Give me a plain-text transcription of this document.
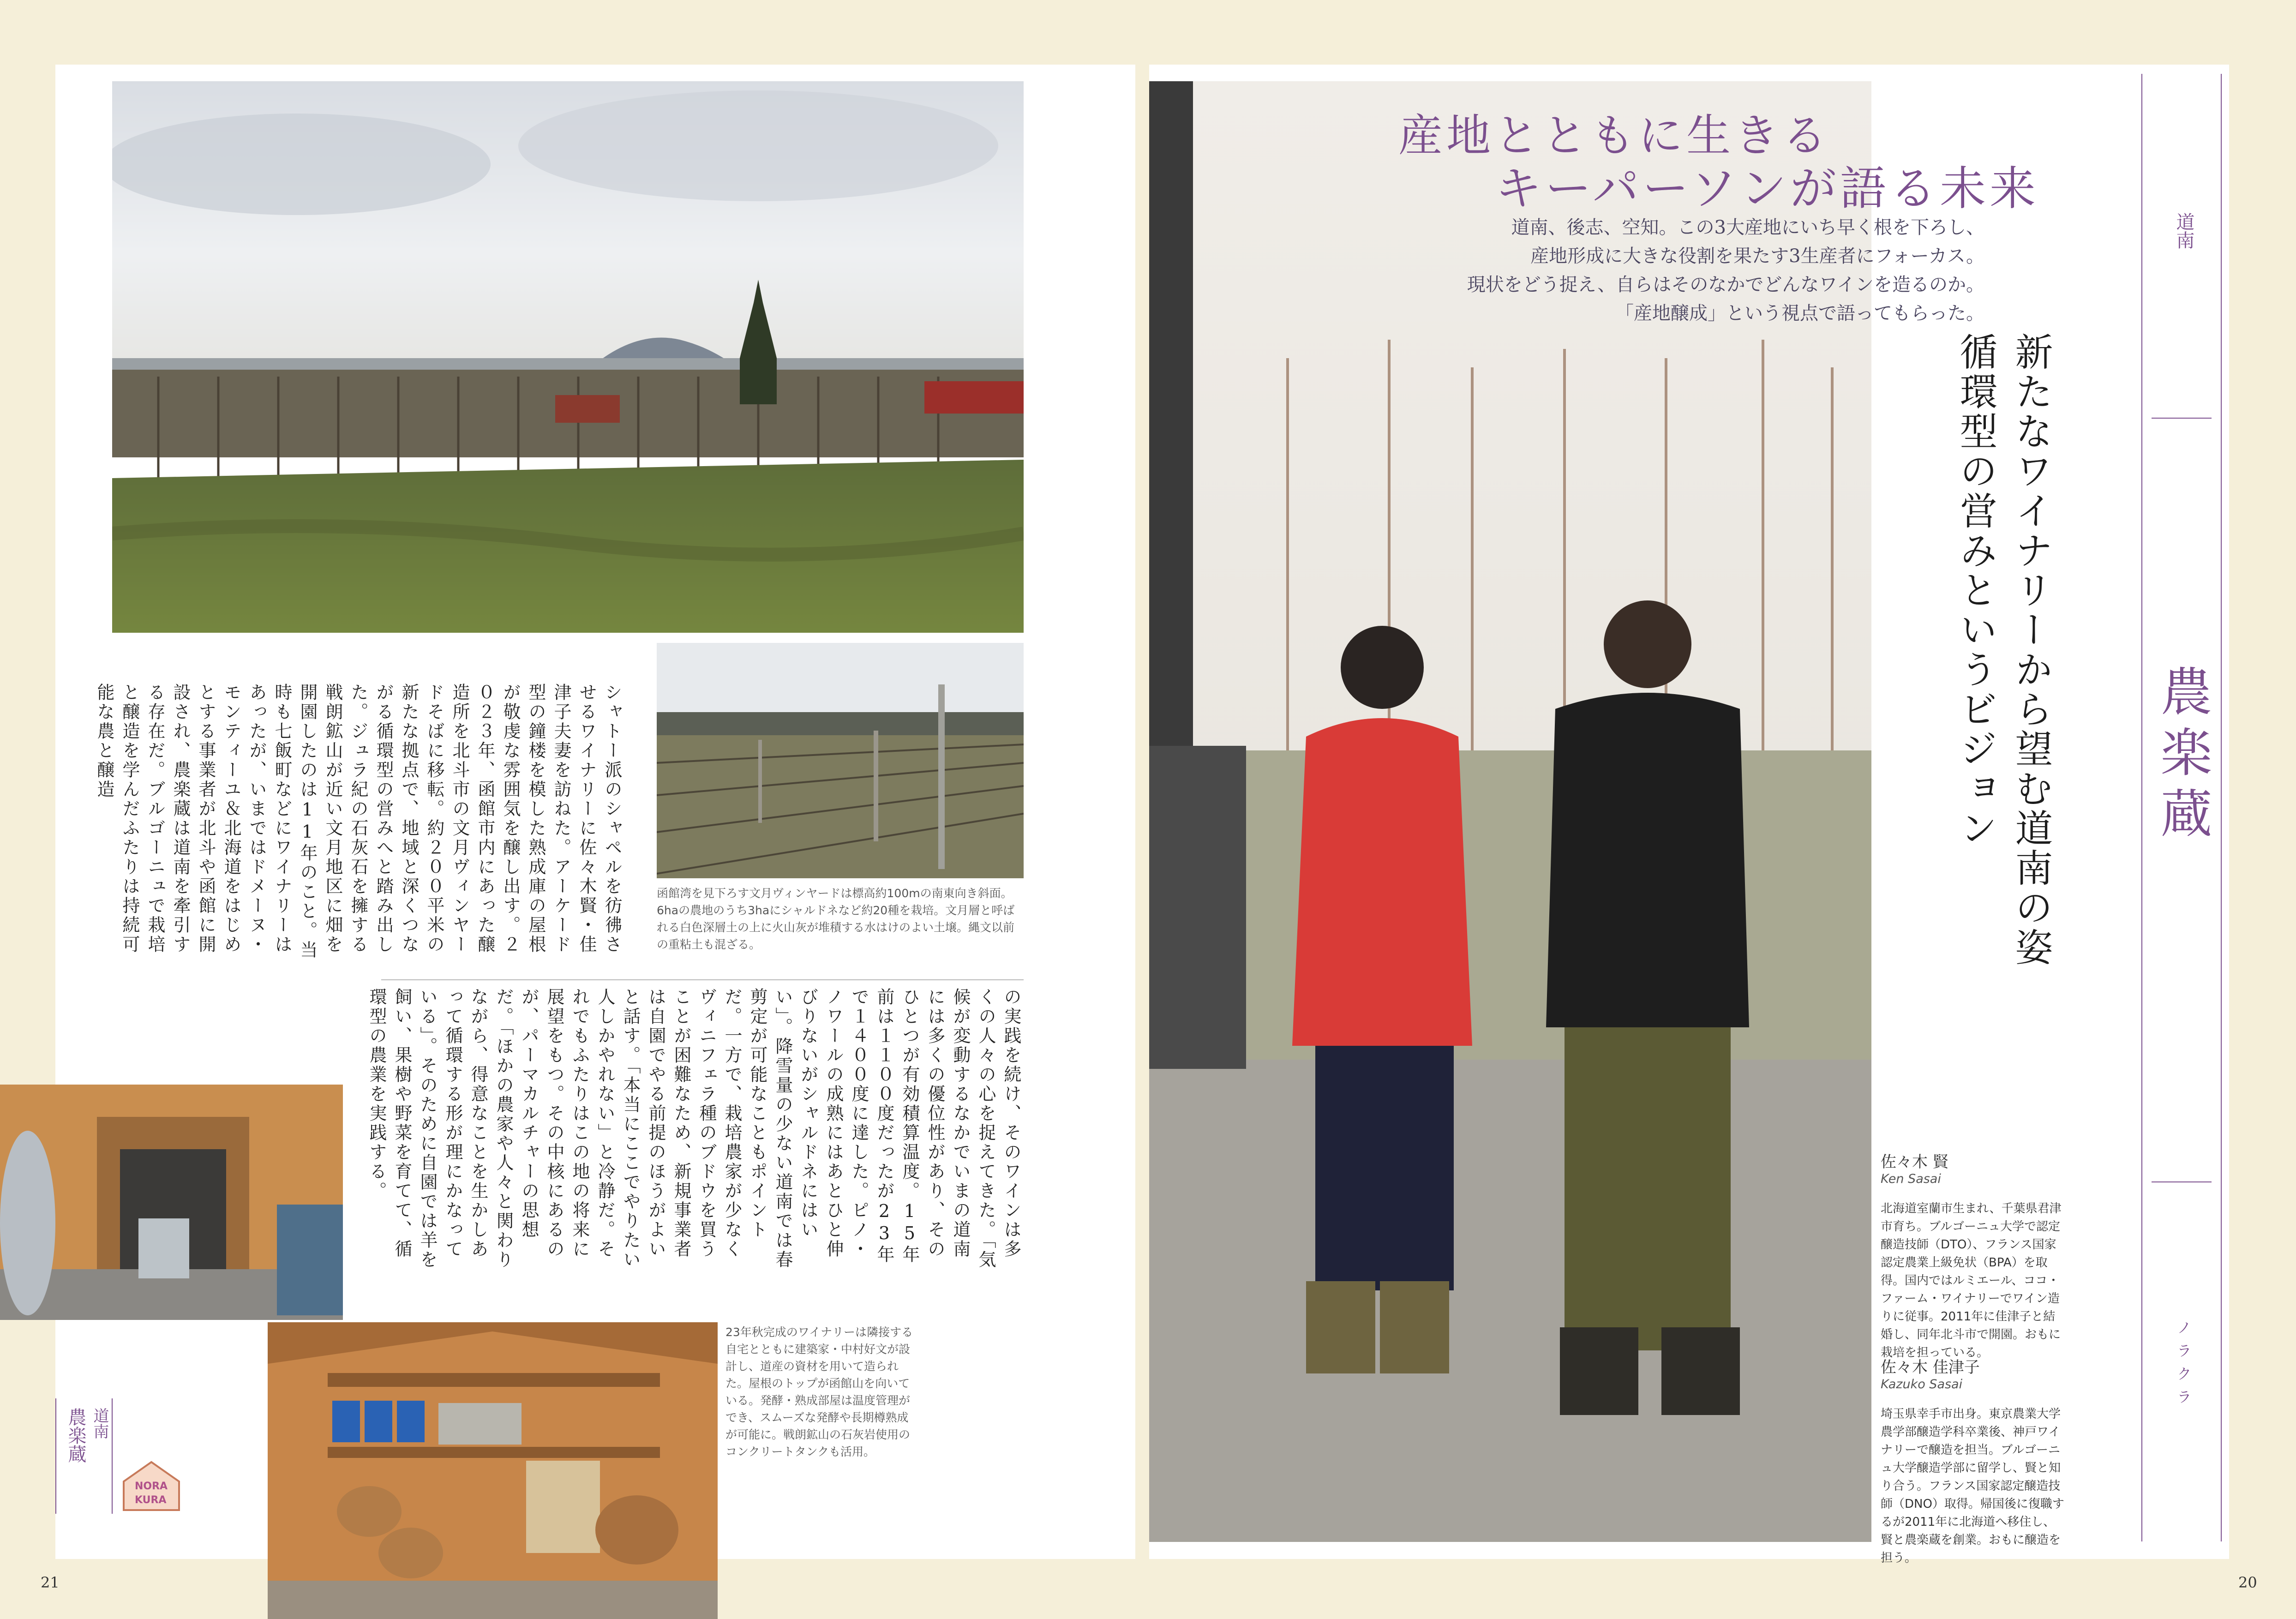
函館湾を見下ろす文月ヴィンヤードは標高約100mの南東向き斜面。6haの農地のうち3haにシャルドネなど約20種を栽培。文月層と呼ばれる白色深層土の上に火山灰が堆積する水はけのよい土壌。縄文以前の重粘土も混ざる。
シャトー派のシャペルを彷彿させるワイナリーに佐々木賢・佳津子夫妻を訪ねた。アーケード型の鐘楼を模した熟成庫の屋根が敬虔な雰囲気を醸し出す。２０２３年、函館市内にあった醸造所を北斗市の文月ヴィンヤードそばに移転。約２００平米の新たな拠点で、地域と深くつながる循環型の営みへと踏み出した。ジュラ紀の石灰石を擁する戦朗鉱山が近い文月地区に畑を開園したのは11年のこと。当時も七飯町などにワイナリーはあったが、いまではドメーヌ・モンティーユ＆北海道をはじめとする事業者が北斗や函館に開設され、農楽蔵は道南を牽引する存在だ。ブルゴーニュで栽培と醸造を学んだふたりは持続可能な農と醸造
の実践を続け、そのワインは多くの人々の心を捉えてきた。「気候が変動するなかでいまの道南には多くの優位性があり、そのひとつが有効積算温度。15年前は１１００度だったが23年で１４００度に達した。ピノ・ノワールの成熟にはあとひと伸びりないがシャルドネにはいい」。降雪量の少ない道南では春剪定が可能なこともポイントだ。一方で、栽培農家が少なくヴィニフェラ種のブドウを買うことが困難なため、新規事業者は自園でやる前提のほうがよいと話す。「本当にここでやりたい人しかやれない」と冷静だ。それでもふたりはこの地の将来に展望をもつ。その中核にあるのが、パーマカルチャーの思想だ。「ほかの農家や人々と関わりながら、得意なことを生かしあって循環する形が理にかなっている」。そのために自園では羊を飼い、果樹や野菜を育てて、循環型の農業を実践する。
23年秋完成のワイナリーは隣接する自宅とともに建築家・中村好文が設計し、道産の資材を用いて造られた。屋根のトップが函館山を向いている。発酵・熟成部屋は温度管理ができ、スムーズな発酵や長期樽熟成が可能に。戦朗鉱山の石灰岩使用のコンクリートタンクも活用。
道南
農楽蔵
NORA
KURA
21	20
産地とともに生きる
キーパーソンが語る未来
道南、後志、空知。この3大産地にいち早く根を下ろし、
産地形成に大きな役割を果たす3生産者にフォーカス。
現状をどう捉え、自らはそのなかでどんなワインを造るのか。
「産地醸成」という視点で語ってもらった。
新たなワイナリーから望む道南の姿
循環型の営みというビジョン
佐々木 賢
Ken Sasai
北海道室蘭市生まれ、千葉県君津市育ち。ブルゴーニュ大学で認定醸造技師（DTO）、フランス国家認定農業上級免状（BPA）を取得。国内ではルミエール、ココ・ファーム・ワイナリーでワイン造りに従事。2011年に佳津子と結婚し、同年北斗市で開園。おもに栽培を担っている。
佐々木 佳津子
Kazuko Sasai
埼玉県幸手市出身。東京農業大学農学部醸造学科卒業後、神戸ワイナリーで醸造を担当。ブルゴーニュ大学醸造学部に留学し、賢と知り合う。フランス国家認定醸造技師（DNO）取得。帰国後に復職するが2011年に北海道へ移住し、賢と農楽蔵を創業。おもに醸造を担う。
道南
農楽蔵
ノラクラ
